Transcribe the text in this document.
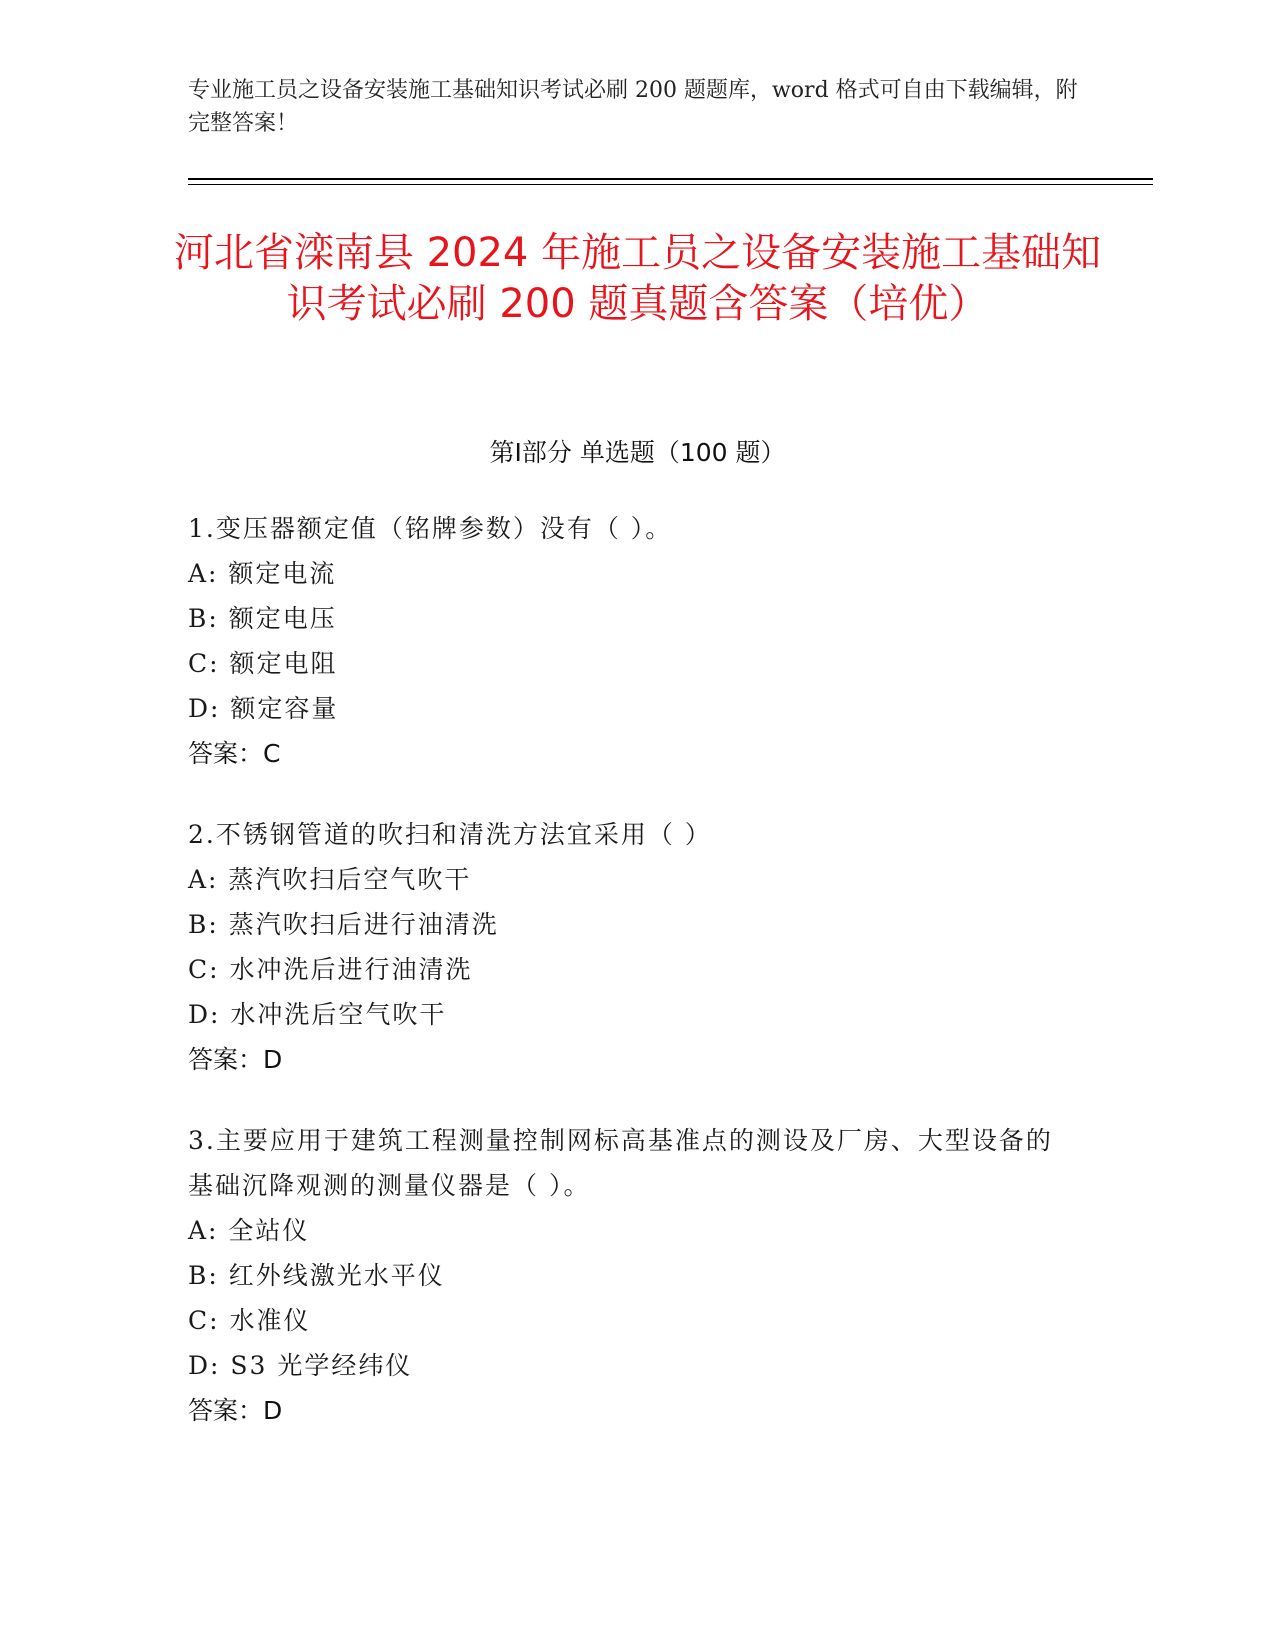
专业施工员之设备安装施工基础知识考试必刷 200 题题库，word 格式可自由下载编辑，附完整答案！
河北省滦南县 2024 年施工员之设备安装施工基础知识考试必刷 200 题真题含答案（培优）
第Ⅰ部分 单选题（100 题）
1.变压器额定值（铭牌参数）没有（ ）。
A: 额定电流
B: 额定电压
C: 额定电阻
D: 额定容量
答案：C
2.不锈钢管道的吹扫和清洗方法宜采用（ ）
A: 蒸汽吹扫后空气吹干
B: 蒸汽吹扫后进行油清洗
C: 水冲洗后进行油清洗
D: 水冲洗后空气吹干
答案：D
3.主要应用于建筑工程测量控制网标高基准点的测设及厂房、大型设备的基础沉降观测的测量仪器是（ ）。
A: 全站仪
B: 红外线激光水平仪
C: 水准仪
D: S3 光学经纬仪
答案：D
